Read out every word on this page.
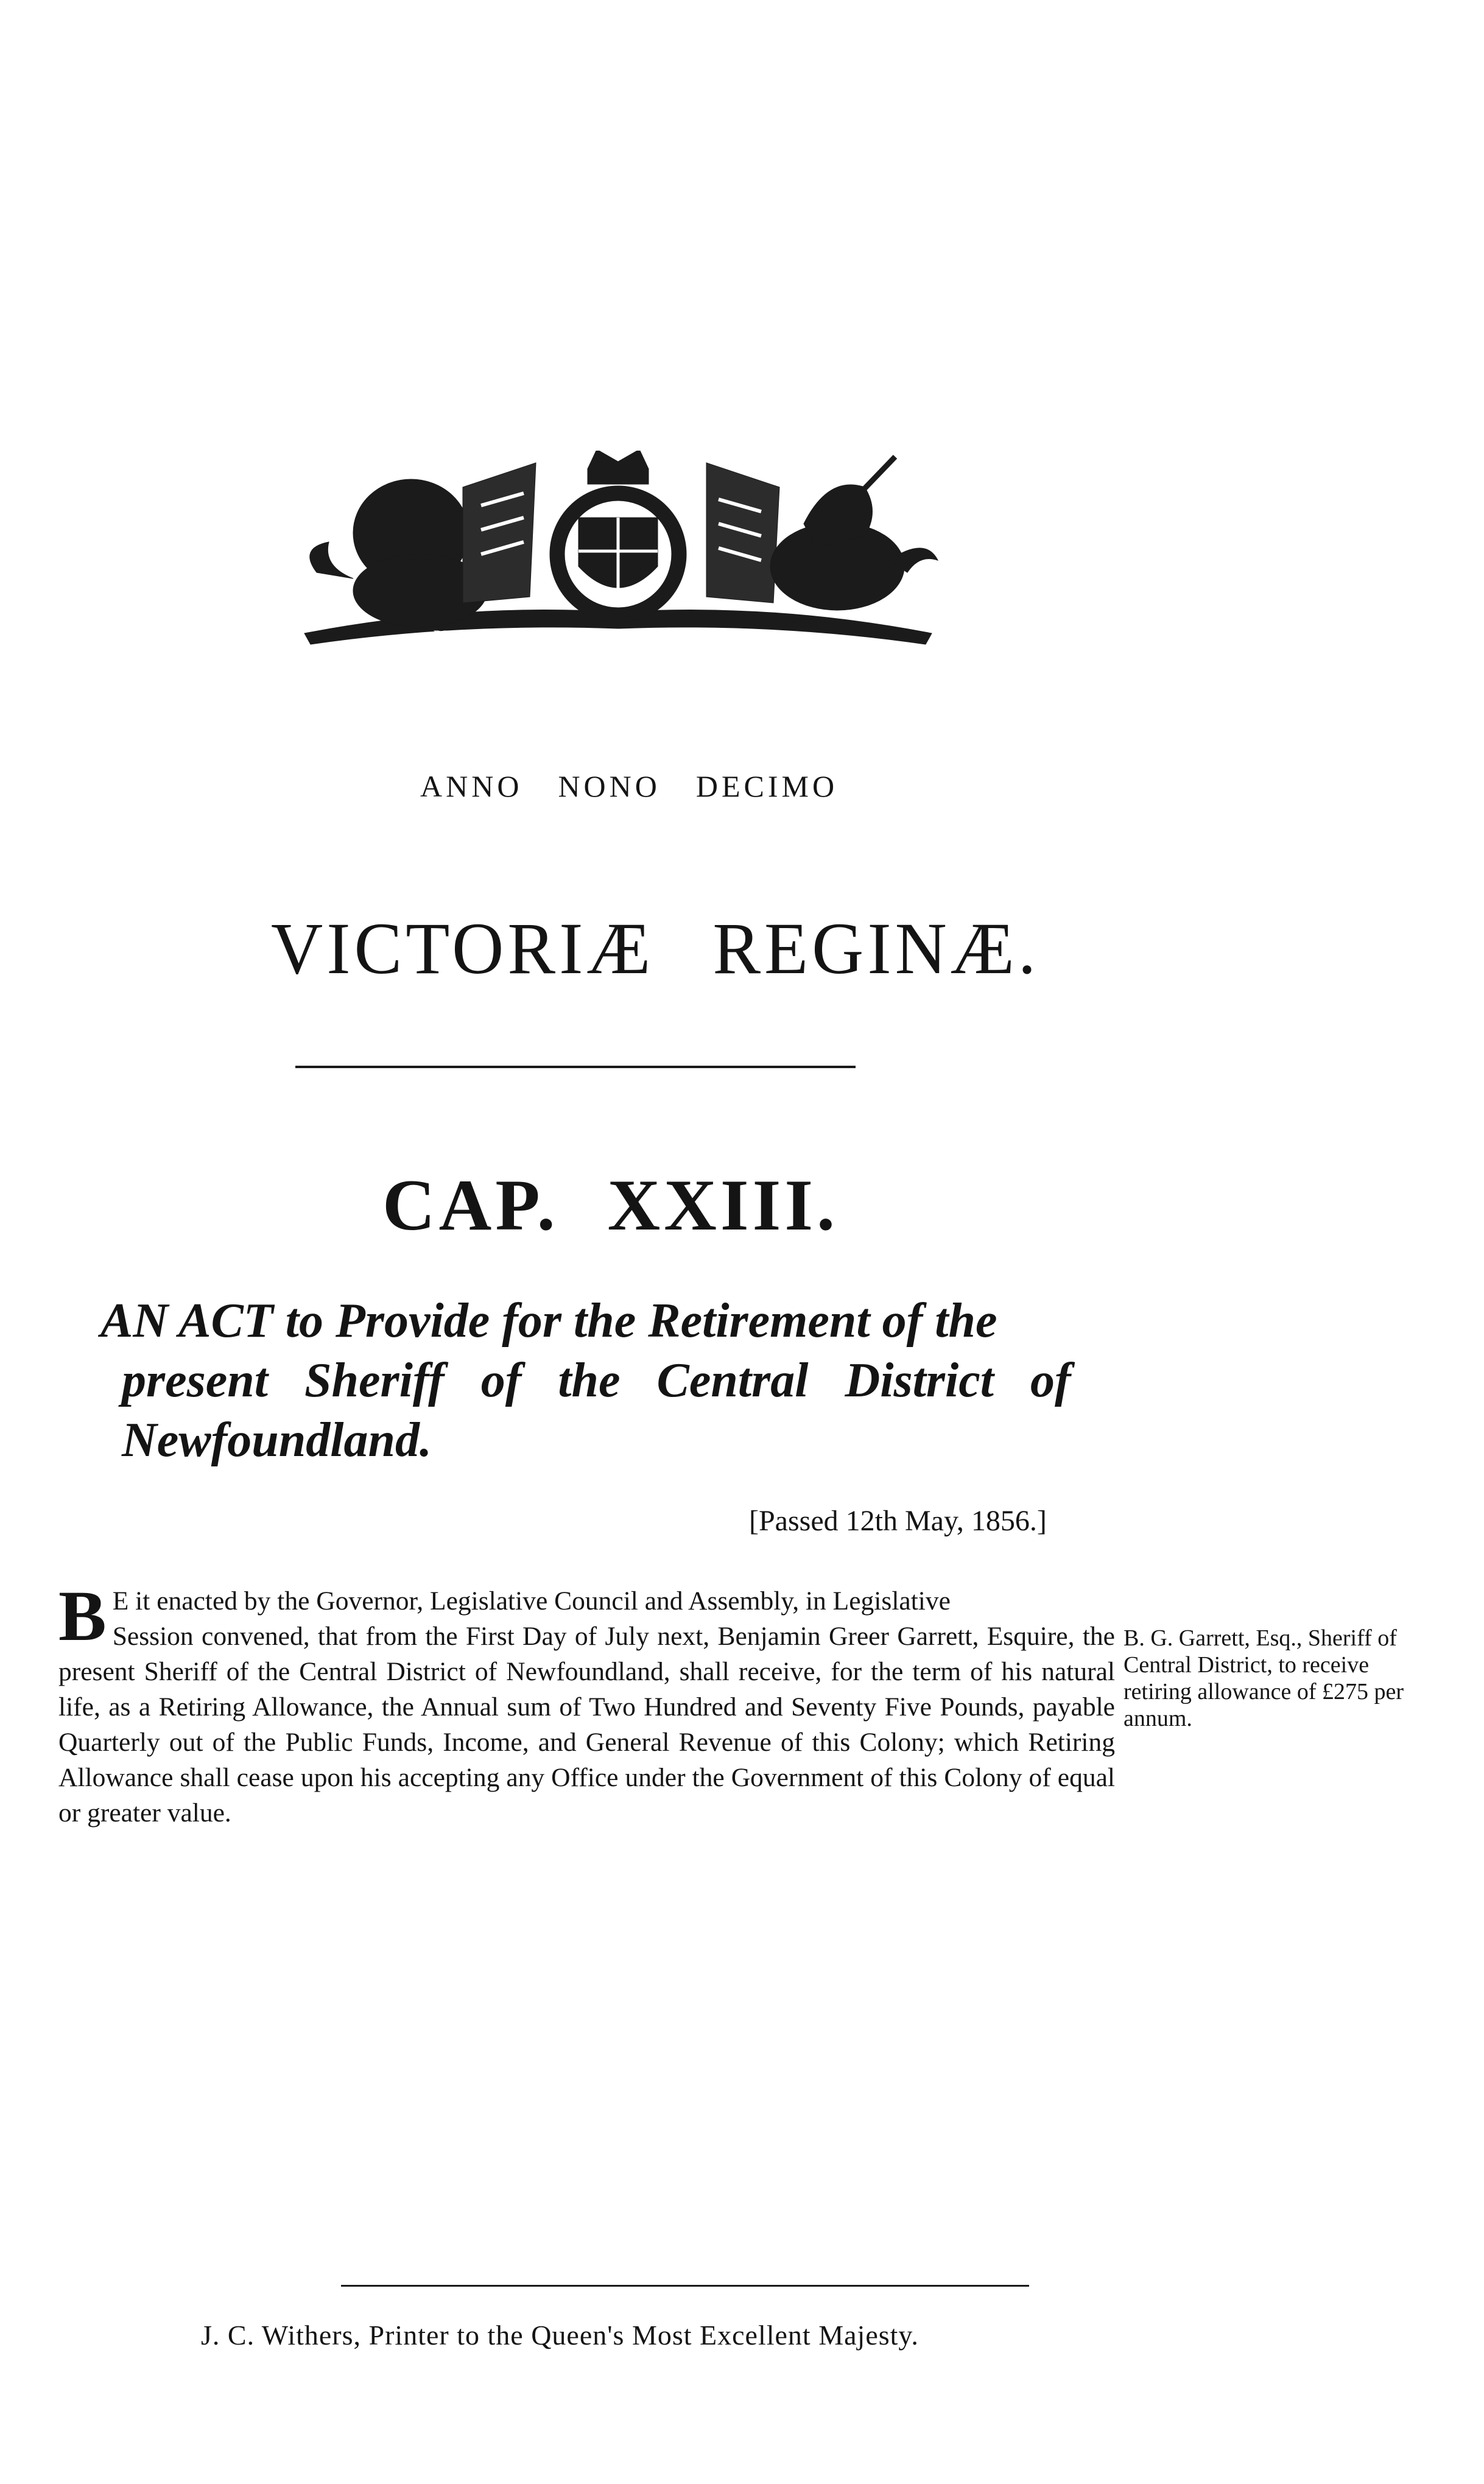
DIEU ET MON DROIT
ANNO NONO DECIMO
VICTORIÆ REGINÆ.
CAP. XXIII.
AN ACT to Provide for the Retirement of the
present Sheriff of the Central District of
Newfoundland.
[Passed 12th May, 1856.]
B E it enacted by the Governor, Legislative Council and Assembly, in Legislative
Session convened, that from the First Day of July next, Benjamin Greer Garrett, Esquire, the present Sheriff of the Central District of Newfoundland, shall receive, for the term of his natural life, as a Retiring Allowance, the Annual sum of Two Hundred and Seventy Five Pounds, payable Quarterly out of the Public Funds, Income, and General Revenue of this Colony; which Retiring Allowance shall cease upon his accepting any Office under the Government of this Colony of equal or greater value.
B. G. Garrett, Esq., Sheriff of Central District, to receive retiring allowance of £275 per annum.
J. C. Withers, Printer to the Queen's Most Excellent Majesty.
